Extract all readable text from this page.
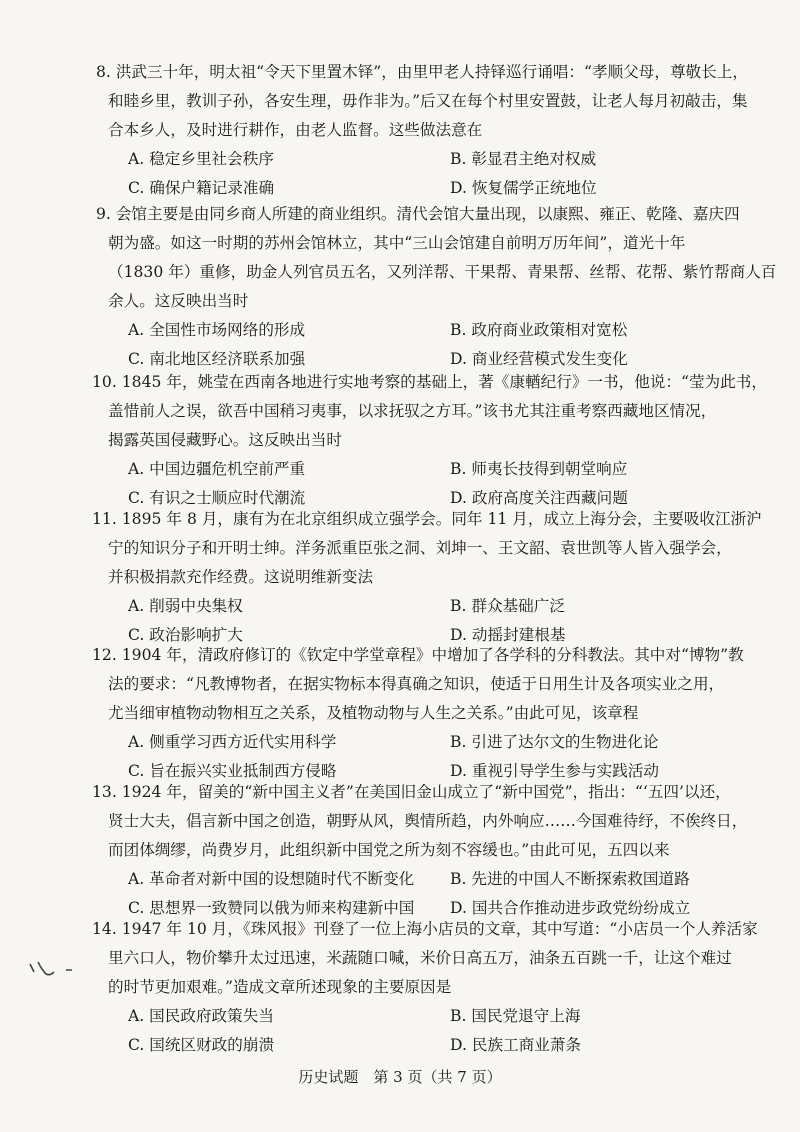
8. 洪武三十年，明太祖“令天下里置木铎”，由里甲老人持铎巡行诵唱：“孝顺父母，尊敬长上，
和睦乡里，教训子孙，各安生理，毋作非为。”后又在每个村里安置鼓，让老人每月初敲击，集
合本乡人，及时进行耕作，由老人监督。这些做法意在
A. 稳定乡里社会秩序	B. 彰显君主绝对权威
C. 确保户籍记录准确	D. 恢复儒学正统地位
9. 会馆主要是由同乡商人所建的商业组织。清代会馆大量出现，以康熙、雍正、乾隆、嘉庆四
朝为盛。如这一时期的苏州会馆林立，其中“三山会馆建自前明万历年间”，道光十年
（1830 年）重修，助金人列官员五名，又列洋帮、干果帮、青果帮、丝帮、花帮、紫竹帮商人百
余人。这反映出当时
A. 全国性市场网络的形成	B. 政府商业政策相对宽松
C. 南北地区经济联系加强	D. 商业经营模式发生变化
10. 1845 年，姚莹在西南各地进行实地考察的基础上，著《康輶纪行》一书，他说：“莹为此书，
盖惜前人之误，欲吾中国稍习夷事，以求抚驭之方耳。”该书尤其注重考察西藏地区情况，
揭露英国侵藏野心。这反映出当时
A. 中国边疆危机空前严重	B. 师夷长技得到朝堂响应
C. 有识之士顺应时代潮流	D. 政府高度关注西藏问题
11. 1895 年 8 月，康有为在北京组织成立强学会。同年 11 月，成立上海分会，主要吸收江浙沪
宁的知识分子和开明士绅。洋务派重臣张之洞、刘坤一、王文韶、袁世凯等人皆入强学会，
并积极捐款充作经费。这说明维新变法
A. 削弱中央集权	B. 群众基础广泛
C. 政治影响扩大	D. 动摇封建根基
12. 1904 年，清政府修订的《钦定中学堂章程》中增加了各学科的分科教法。其中对“博物”教
法的要求：“凡教博物者，在据实物标本得真确之知识，使适于日用生计及各项实业之用，
尤当细审植物动物相互之关系，及植物动物与人生之关系。”由此可见，该章程
A. 侧重学习西方近代实用科学	B. 引进了达尔文的生物进化论
C. 旨在振兴实业抵制西方侵略	D. 重视引导学生参与实践活动
13. 1924 年，留美的“新中国主义者”在美国旧金山成立了“新中国党”，指出：“‘五四’以还，
贤士大夫，倡言新中国之创造，朝野从风，舆情所趋，内外响应……今国难待纾，不俟终日，
而团体绸缪，尚费岁月，此组织新中国党之所为刻不容缓也。”由此可见，五四以来
A. 革命者对新中国的设想随时代不断变化	B. 先进的中国人不断探索救国道路
C. 思想界一致赞同以俄为师来构建新中国	D. 国共合作推动进步政党纷纷成立
14. 1947 年 10 月，《珠风报》刊登了一位上海小店员的文章，其中写道：“小店员一个人养活家
里六口人，物价攀升太过迅速，米蔬随口喊，米价日高五万，油条五百跳一千，让这个难过
的时节更加艰难。”造成文章所述现象的主要原因是
A. 国民政府政策失当	B. 国民党退守上海
C. 国统区财政的崩溃	D. 民族工商业萧条
历史试题　第 3 页（共 7 页）
